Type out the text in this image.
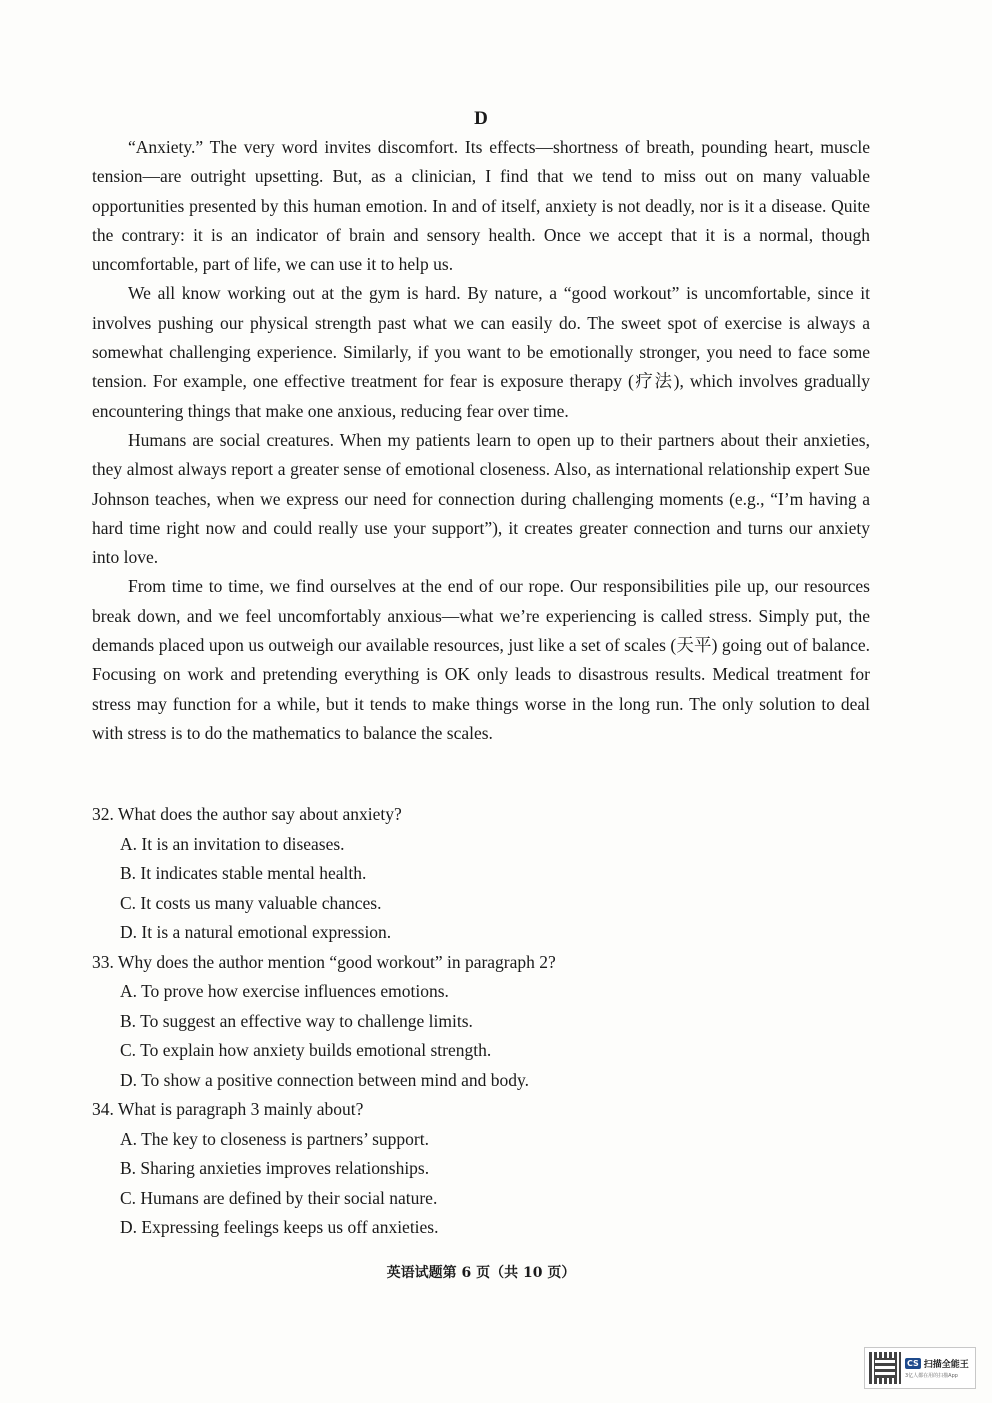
D

“Anxiety.” The very word invites discomfort. Its effects—shortness of breath, pounding heart, muscle tension—are outright upsetting. But, as a clinician, I find that we tend to miss out on many valuable opportunities presented by this human emotion. In and of itself, anxiety is not deadly, nor is it a disease. Quite the contrary: it is an indicator of brain and sensory health. Once we accept that it is a normal, though uncomfortable, part of life, we can use it to help us.

We all know working out at the gym is hard. By nature, a “good workout” is uncomfortable, since it involves pushing our physical strength past what we can easily do. The sweet spot of exercise is always a somewhat challenging experience. Similarly, if you want to be emotionally stronger, you need to face some tension. For example, one effective treatment for fear is exposure therapy (疗法), which involves gradually encountering things that make one anxious, reducing fear over time.

Humans are social creatures. When my patients learn to open up to their partners about their anxieties, they almost always report a greater sense of emotional closeness. Also, as international relationship expert Sue Johnson teaches, when we express our need for connection during challenging moments (e.g., “I’m having a hard time right now and could really use your support”), it creates greater connection and turns our anxiety into love.

From time to time, we find ourselves at the end of our rope. Our responsibilities pile up, our resources break down, and we feel uncomfortably anxious—what we’re experiencing is called stress. Simply put, the demands placed upon us outweigh our available resources, just like a set of scales (天平) going out of balance. Focusing on work and pretending everything is OK only leads to disastrous results. Medical treatment for stress may function for a while, but it tends to make things worse in the long run. The only solution to deal with stress is to do the mathematics to balance the scales.

32. What does the author say about anxiety?

A. It is an invitation to diseases.

B. It indicates stable mental health.

C. It costs us many valuable chances.

D. It is a natural emotional expression.

33. Why does the author mention “good workout” in paragraph 2?

A. To prove how exercise influences emotions.

B. To suggest an effective way to challenge limits.

C. To explain how anxiety builds emotional strength.

D. To show a positive connection between mind and body.

34. What is paragraph 3 mainly about?

A. The key to closeness is partners’ support.

B. Sharing anxieties improves relationships.

C. Humans are defined by their social nature.

D. Expressing feelings keeps us off anxieties.

英语试题第 6 页（共 10 页）
CS 扫描全能王
3亿人都在用的扫描App
